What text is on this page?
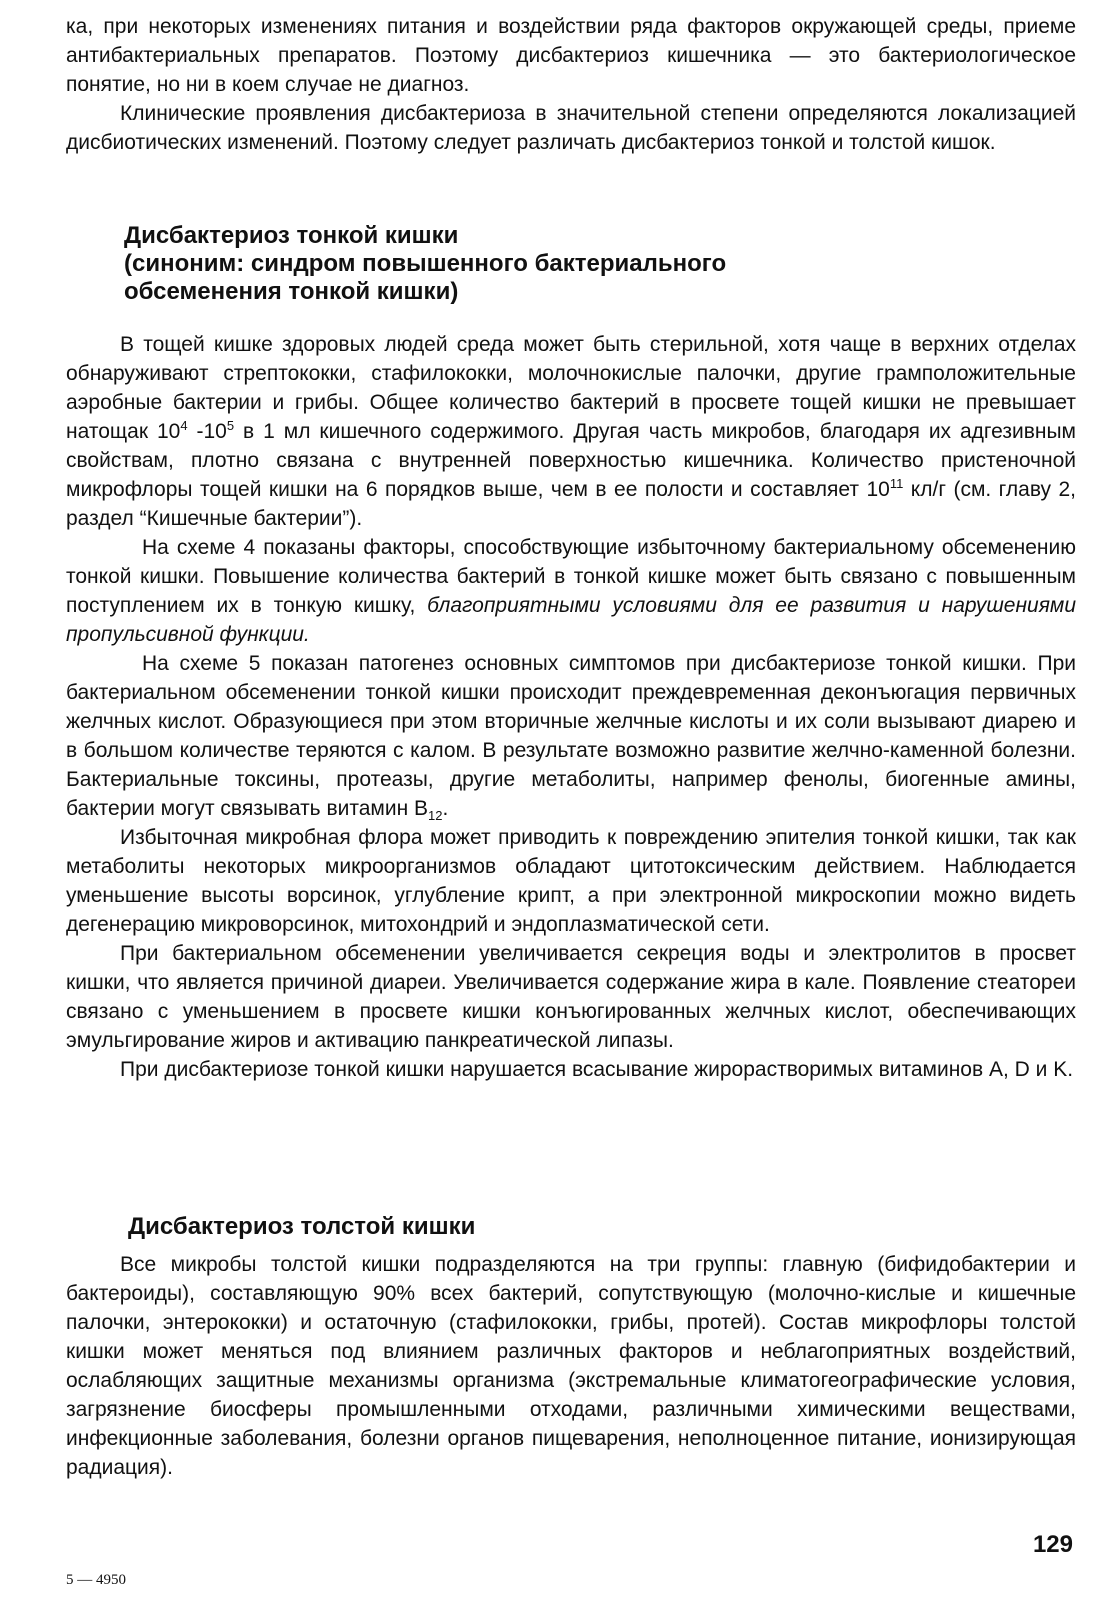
ка, при некоторых изменениях питания и воздействии ряда факторов окружающей среды, приеме антибактериальных препаратов. Поэтому дисбактериоз кишечника — это бактериологическое понятие, но ни в коем случае не диагноз.

Клинические проявления дисбактериоза в значительной степени определяются локализацией дисбиотических изменений. Поэтому следует различать дисбактериоз тонкой и толстой кишок.

Дисбактериоз тонкой кишки
(синоним: синдром повышенного бактериального
обсеменения тонкой кишки)

В тощей кишке здоровых людей среда может быть стерильной, хотя чаще в верхних отделах обнаруживают стрептококки, стафилококки, молочнокислые палочки, другие грамположительные аэробные бактерии и грибы. Общее количество бактерий в просвете тощей кишки не превышает натощак $10^4$ $-10^5$ в 1 мл кишечного содержимого. Другая часть микробов, благодаря их адгезивным свойствам, плотно связана с внутренней поверхностью кишечника. Количество пристеночной микрофлоры тощей кишки на 6 порядков выше, чем в ее полости и составляет $10^{11}$ кл/г (см. главу 2, раздел “Кишечные бактерии”).

На схеме 4 показаны факторы, способствующие избыточному бактериальному обсеменению тонкой кишки. Повышение количества бактерий в тонкой кишке может быть связано с повышенным поступлением их в тонкую кишку, благоприятными условиями для ее развития и нарушениями пропульсивной функции.

На схеме 5 показан патогенез основных симптомов при дисбактериозе тонкой кишки. При бактериальном обсеменении тонкой кишки происходит преждевременная деконъюгация первичных желчных кислот. Образующиеся при этом вторичные желчные кислоты и их соли вызывают диарею и в большом количестве теряются с калом. В результате возможно развитие желчно-каменной болезни. Бактериальные токсины, протеазы, другие метаболиты, например фенолы, биогенные амины, бактерии могут связывать витамин $В_{12}$.

Избыточная микробная флора может приводить к повреждению эпителия тонкой кишки, так как метаболиты некоторых микроорганизмов обладают цитотоксическим действием. Наблюдается уменьшение высоты ворсинок, углубление крипт, а при электронной микроскопии можно видеть дегенерацию микроворсинок, митохондрий и эндоплазматической сети.

При бактериальном обсеменении увеличивается секреция воды и электролитов в просвет кишки, что является причиной диареи. Увеличивается содержание жира в кале. Появление стеатореи связано с уменьшением в просвете кишки конъюгированных желчных кислот, обеспечивающих эмульгирование жиров и активацию панкреатической липазы.

При дисбактериозе тонкой кишки нарушается всасывание жирорастворимых витаминов A, D и K.

Дисбактериоз толстой кишки

Все микробы толстой кишки подразделяются на три группы: главную (бифидобактерии и бактероиды), составляющую 90% всех бактерий, сопутствующую (молочно-кислые и кишечные палочки, энтерококки) и остаточную (стафилококки, грибы, протей). Состав микрофлоры толстой кишки может меняться под влиянием различных факторов и неблагоприятных воздействий, ослабляющих защитные механизмы организма (экстремальные климатогеографические условия, загрязнение биосферы промышленными отходами, различными химическими веществами, инфекционные заболевания, болезни органов пищеварения, неполноценное питание, ионизирующая радиация).

129
5 — 4950
